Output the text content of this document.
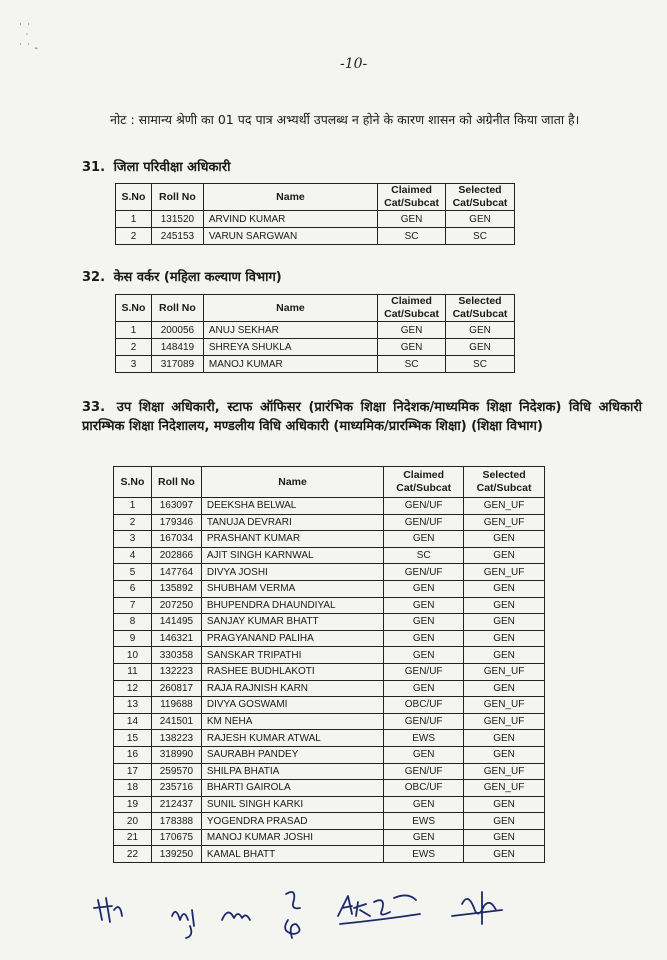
˙ ˙
˙
˙ ˙ -
-10-
नोट : सामान्य श्रेणी का 01 पद पात्र अभ्यर्थी उपलब्ध न होने के कारण शासन को अग्रेनीत किया जाता है।
31. जिला परिवीक्षा अधिकारी
S.No	Roll No	Name	Claimed
Cat/Subcat	Selected
Cat/Subcat
1	131520	ARVIND KUMAR	GEN	GEN
2	245153	VARUN SARGWAN	SC	SC
32. केस वर्कर (महिला कल्याण विभाग)
S.No	Roll No	Name	Claimed
Cat/Subcat	Selected
Cat/Subcat
1	200056	ANUJ SEKHAR	GEN	GEN
2	148419	SHREYA SHUKLA	GEN	GEN
3	317089	MANOJ KUMAR	SC	SC
33. उप शिक्षा अधिकारी, स्टाफ ऑफिसर (प्रारंभिक शिक्षा निदेशक/माध्यमिक शिक्षा निदेशक) विधि अधिकारी प्रारम्भिक शिक्षा निदेशालय, मण्डलीय विधि अधिकारी (माध्यमिक/प्रारम्भिक शिक्षा) (शिक्षा विभाग)
S.No	Roll No	Name	Claimed
Cat/Subcat	Selected
Cat/Subcat
1	163097	DEEKSHA BELWAL	GEN/UF	GEN_UF
2	179346	TANUJA DEVRARI	GEN/UF	GEN_UF
3	167034	PRASHANT KUMAR	GEN	GEN
4	202866	AJIT SINGH KARNWAL	SC	GEN
5	147764	DIVYA JOSHI	GEN/UF	GEN_UF
6	135892	SHUBHAM VERMA	GEN	GEN
7	207250	BHUPENDRA DHAUNDIYAL	GEN	GEN
8	141495	SANJAY KUMAR BHATT	GEN	GEN
9	146321	PRAGYANAND PALIHA	GEN	GEN
10	330358	SANSKAR TRIPATHI	GEN	GEN
11	132223	RASHEE BUDHLAKOTI	GEN/UF	GEN_UF
12	260817	RAJA RAJNISH KARN	GEN	GEN
13	119688	DIVYA GOSWAMI	OBC/UF	GEN_UF
14	241501	KM NEHA	GEN/UF	GEN_UF
15	138223	RAJESH KUMAR ATWAL	EWS	GEN
16	318990	SAURABH PANDEY	GEN	GEN
17	259570	SHILPA BHATIA	GEN/UF	GEN_UF
18	235716	BHARTI GAIROLA	OBC/UF	GEN_UF
19	212437	SUNIL SINGH KARKI	GEN	GEN
20	178388	YOGENDRA PRASAD	EWS	GEN
21	170675	MANOJ KUMAR JOSHI	GEN	GEN
22	139250	KAMAL BHATT	EWS	GEN
